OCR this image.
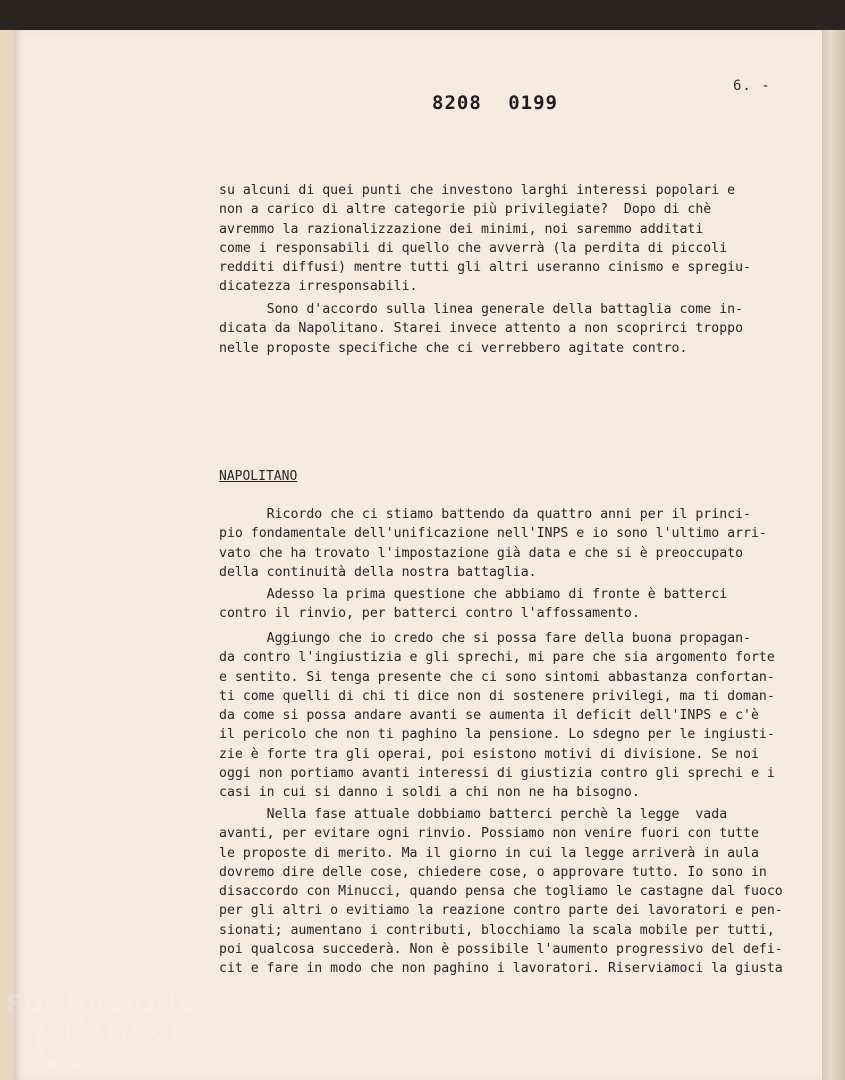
6. -
8208 0199

su alcuni di quei punti che investono larghi interessi popolari e

non a carico di altre categorie più privilegiate?  Dopo di chè

avremmo la razionalizzazione dei minimi, noi saremmo additati

come i responsabili di quello che avverrà (la perdita di piccoli

redditi diffusi) mentre tutti gli altri useranno cinismo e spregiu-

dicatezza irresponsabili.

Sono d'accordo sulla linea generale della battaglia come in-

dicata da Napolitano. Starei invece attento a non scoprirci troppo

nelle proposte specifiche che ci verrebbero agitate contro.

NAPOLITANO

Ricordo che ci stiamo battendo da quattro anni per il princi-

pio fondamentale dell'unificazione nell'INPS e io sono l'ultimo arri-

vato che ha trovato l'impostazione già data e che si è preoccupato

della continuità della nostra battaglia.

Adesso la prima questione che abbiamo di fronte è batterci

contro il rinvio, per batterci contro l'affossamento.

Aggiungo che io credo che si possa fare della buona propagan-

da contro l'ingiustizia e gli sprechi, mi pare che sia argomento forte

e sentito. Si tenga presente che ci sono sintomi abbastanza confortan-

ti come quelli di chi ti dice non di sostenere privilegi, ma ti doman-

da come si possa andare avanti se aumenta il deficit dell'INPS e c'è

il pericolo che non ti paghino la pensione. Lo sdegno per le ingiusti-

zie è forte tra gli operai, poi esistono motivi di divisione. Se noi

oggi non portiamo avanti interessi di giustizia contro gli sprechi e i

casi in cui si danno i soldi a chi non ne ha bisogno.

Nella fase attuale dobbiamo batterci perchè la legge  vada

avanti, per evitare ogni rinvio. Possiamo non venire fuori con tutte

le proposte di merito. Ma il giorno in cui la legge arriverà in aula

dovremo dire delle cose, chiedere cose, o approvare tutto. Io sono in

disaccordo con Minucci, quando pensa che togliamo le castagne dal fuoco

per gli altri o evitiamo la reazione contro parte dei lavoratori e pen-

sionati; aumentano i contributi, blocchiamo la scala mobile per tutti,

poi qualcosa succederà. Non è possibile l'aumento progressivo del defi-

cit e fare in modo che non paghino i lavoratori. Riserviamoci la giusta

FONDAZIONE
RAMSCI
